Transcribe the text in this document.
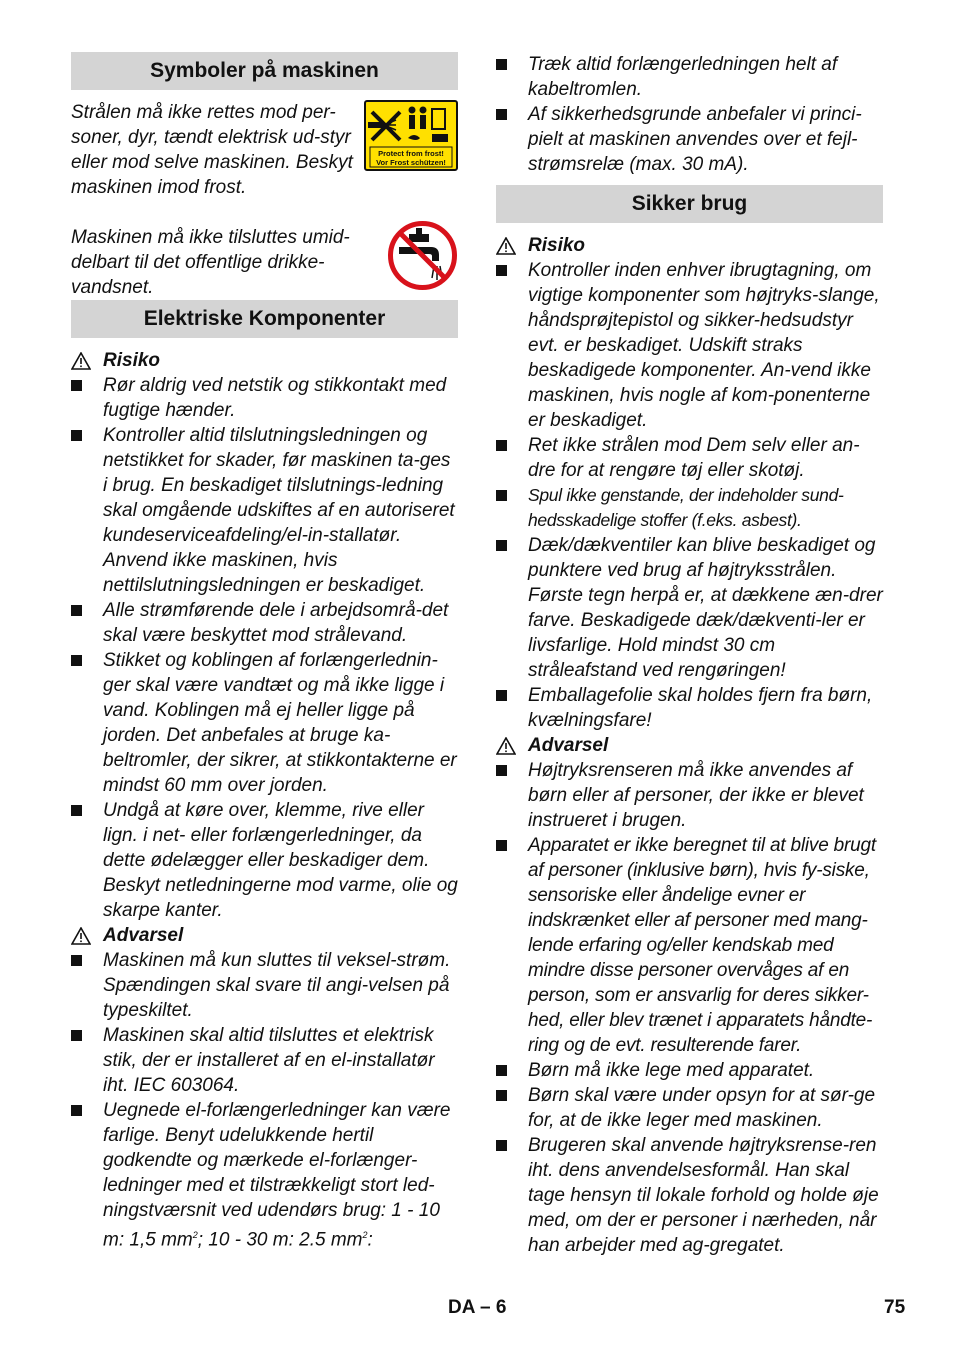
Symboler på maskinen
Strålen må ikke rettes mod per-soner, dyr, tændt elektrisk ud-styr eller mod selve maskinen. Beskyt maskinen imod frost.
Protect from frost!
Vor Frost schützen!
Maskinen må ikke tilsluttes umid-delbart til det offentlige drikke-vandsnet.
Elektriske Komponenter
Risiko
Rør aldrig ved netstik og stikkontakt med fugtige hænder.
Kontroller altid tilslutningsledningen og netstikket for skader, før maskinen ta-ges i brug. En beskadiget tilslutnings-ledning skal omgående udskiftes af en autoriseret kundeserviceafdeling/el-in-stallatør. Anvend ikke maskinen, hvis nettilslutningsledningen er beskadiget.
Alle strømførende dele i arbejdsområ-det skal være beskyttet mod strålevand.
Stikket og koblingen af forlængerlednin-ger skal være vandtæt og må ikke ligge i vand. Koblingen må ej heller ligge på jorden. Det anbefales at bruge ka-beltromler, der sikrer, at stikkontakterne er mindst 60 mm over jorden.
Undgå at køre over, klemme, rive eller lign. i net- eller forlængerledninger, da dette ødelægger eller beskadiger dem. Beskyt netledningerne mod varme, olie og skarpe kanter.
Advarsel
Maskinen må kun sluttes til veksel-strøm. Spændingen skal svare til angi-velsen på typeskiltet.
Maskinen skal altid tilsluttes et elektrisk stik, der er installeret af en el-installatør iht. IEC 603064.
Uegnede el-forlængerledninger kan være farlige. Benyt udelukkende hertil godkendte og mærkede el-forlænger-ledninger med et tilstrækkeligt stort led-ningstværsnit ved udendørs brug: 1 - 10 m: 1,5 $mm^2$; 10 - 30 m: 2.5 $mm^2$:
Træk altid forlængerledningen helt af kabeltromlen.
Af sikkerhedsgrunde anbefaler vi princi-pielt at maskinen anvendes over et fejl-strømsrelæ (max. 30 mA).
Sikker brug
Risiko
Kontroller inden enhver ibrugtagning, om vigtige komponenter som højtryks-slange, håndsprøjtepistol og sikker-hedsudstyr evt. er beskadiget. Udskift straks beskadigede komponenter. An-vend ikke maskinen, hvis nogle af kom-ponenterne er beskadiget.
Ret ikke strålen mod Dem selv eller an-dre for at rengøre tøj eller skotøj.
Spul ikke genstande, der indeholder sund-hedsskadelige stoffer (f.eks. asbest).
Dæk/dækventiler kan blive beskadiget og punktere ved brug af højtryksstrålen. Første tegn herpå er, at dækkene æn-drer farve. Beskadigede dæk/dækventi-ler er livsfarlige. Hold mindst 30 cm stråleafstand ved rengøringen!
Emballagefolie skal holdes fjern fra børn, kvælningsfare!
Advarsel
Højtryksrenseren må ikke anvendes af børn eller af personer, der ikke er blevet instrueret i brugen.
Apparatet er ikke beregnet til at blive brugt af personer (inklusive børn), hvis fy-siske, sensoriske eller åndelige evner er indskrænket eller af personer med mang-lende erfaring og/eller kendskab med mindre disse personer overvåges af en person, som er ansvarlig for deres sikker-hed, eller blev trænet i apparatets håndte-ring og de evt. resulterende farer.
Børn må ikke lege med apparatet.
Børn skal være under opsyn for at sør-ge for, at de ikke leger med maskinen.
Brugeren skal anvende højtryksrense-ren iht. dens anvendelsesformål. Han skal tage hensyn til lokale forhold og holde øje med, om der er personer i nærheden, når han arbejder med ag-gregatet.
DA – 6	75
